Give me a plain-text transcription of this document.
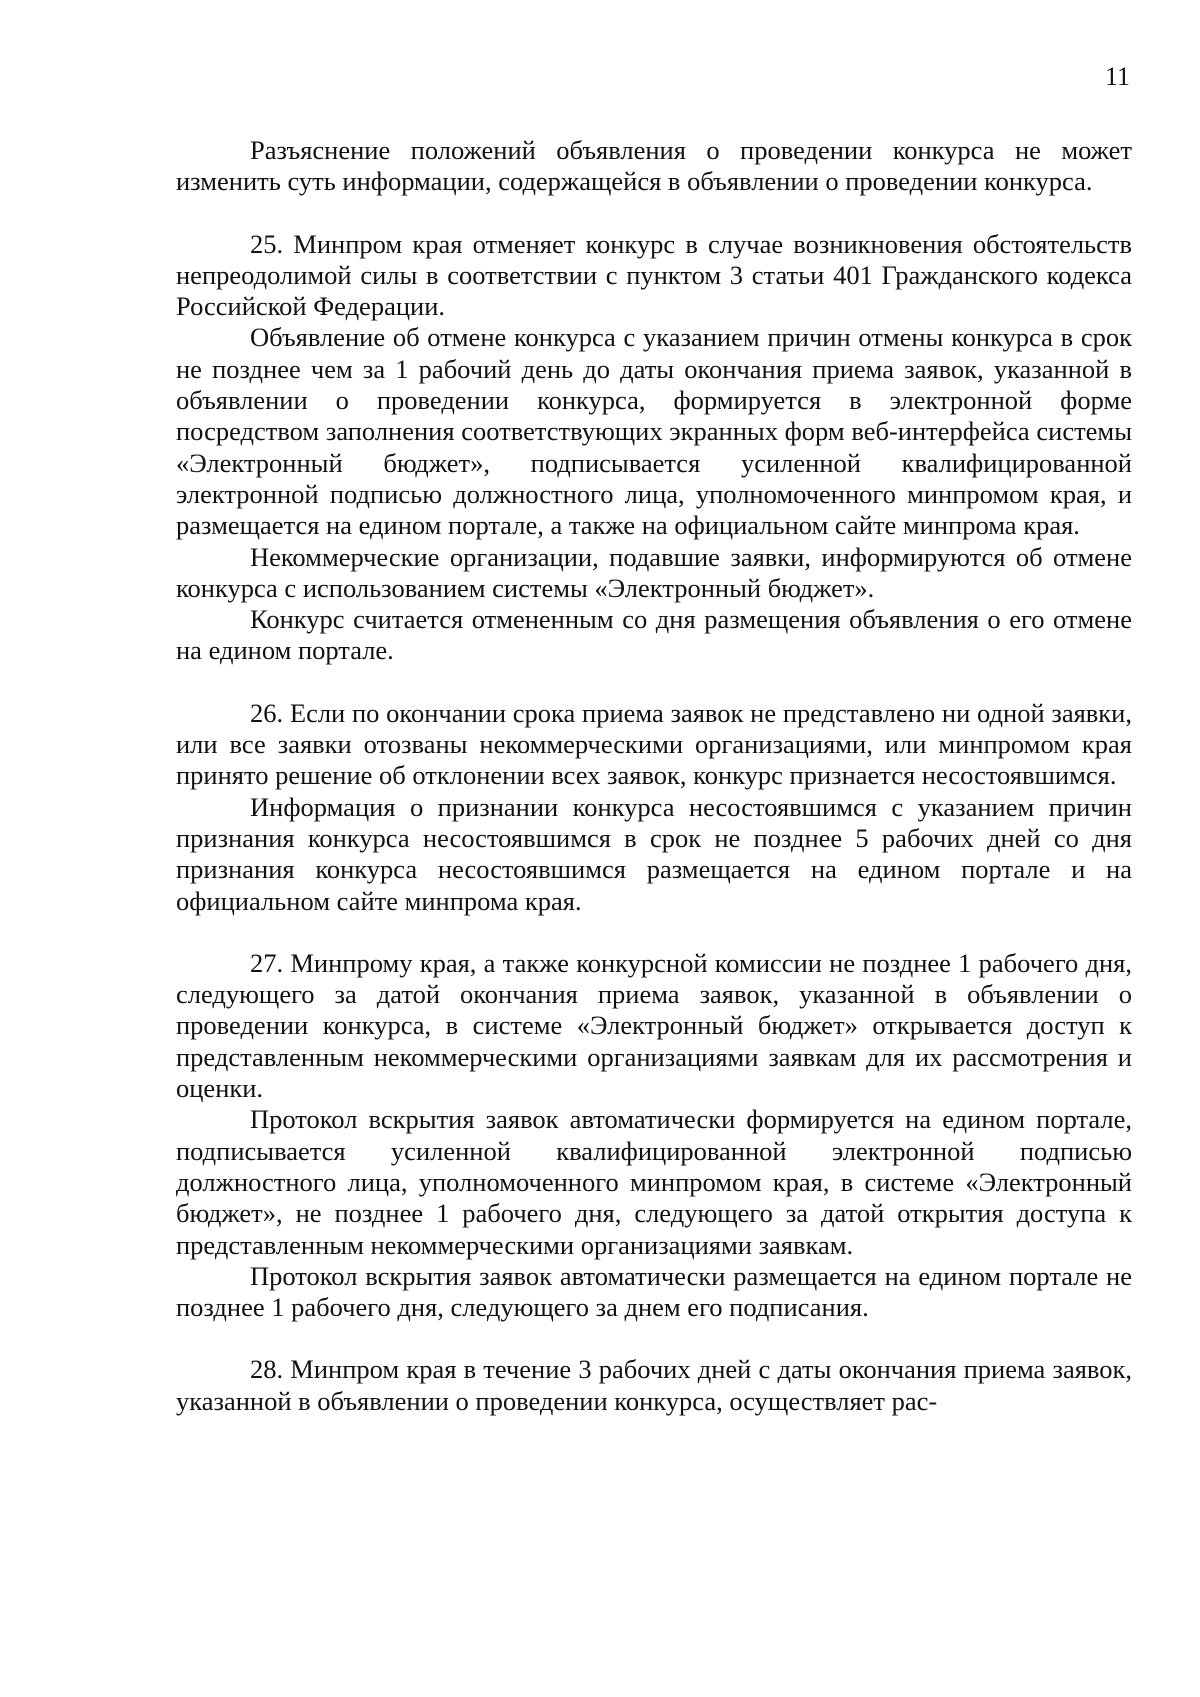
11

Разъяснение положений объявления о проведении конкурса не может изменить суть информации, содержащейся в объявлении о проведении конкурса.

25. Минпром края отменяет конкурс в случае возникновения обстоятельств непреодолимой силы в соответствии с пунктом 3 статьи 401 Гражданского кодекса Российской Федерации.

Объявление об отмене конкурса с указанием причин отмены конкурса в срок не позднее чем за 1 рабочий день до даты окончания приема заявок, указанной в объявлении о проведении конкурса, формируется в электронной форме посредством заполнения соответствующих экранных форм веб-интерфейса системы «Электронный бюджет», подписывается усиленной квалифицированной электронной подписью должностного лица, уполномоченного минпромом края, и размещается на едином портале, а также на официальном сайте минпрома края.

Некоммерческие организации, подавшие заявки, информируются об отмене конкурса с использованием системы «Электронный бюджет».

Конкурс считается отмененным со дня размещения объявления о его отмене на едином портале.

26. Если по окончании срока приема заявок не представлено ни одной заявки, или все заявки отозваны некоммерческими организациями, или минпромом края принято решение об отклонении всех заявок, конкурс признается несостоявшимся.

Информация о признании конкурса несостоявшимся с указанием причин признания конкурса несостоявшимся в срок не позднее 5 рабочих дней со дня признания конкурса несостоявшимся размещается на едином портале и на официальном сайте минпрома края.

27. Минпрому края, а также конкурсной комиссии не позднее 1 рабочего дня, следующего за датой окончания приема заявок, указанной в объявлении о проведении конкурса, в системе «Электронный бюджет» открывается доступ к представленным некоммерческими организациями заявкам для их рассмотрения и оценки.

Протокол вскрытия заявок автоматически формируется на едином портале, подписывается усиленной квалифицированной электронной подписью должностного лица, уполномоченного минпромом края, в системе «Электронный бюджет», не позднее 1 рабочего дня, следующего за датой открытия доступа к представленным некоммерческими организациями заявкам.

Протокол вскрытия заявок автоматически размещается на едином портале не позднее 1 рабочего дня, следующего за днем его подписания.

28. Минпром края в течение 3 рабочих дней с даты окончания приема заявок, указанной в объявлении о проведении конкурса, осуществляет рас-
